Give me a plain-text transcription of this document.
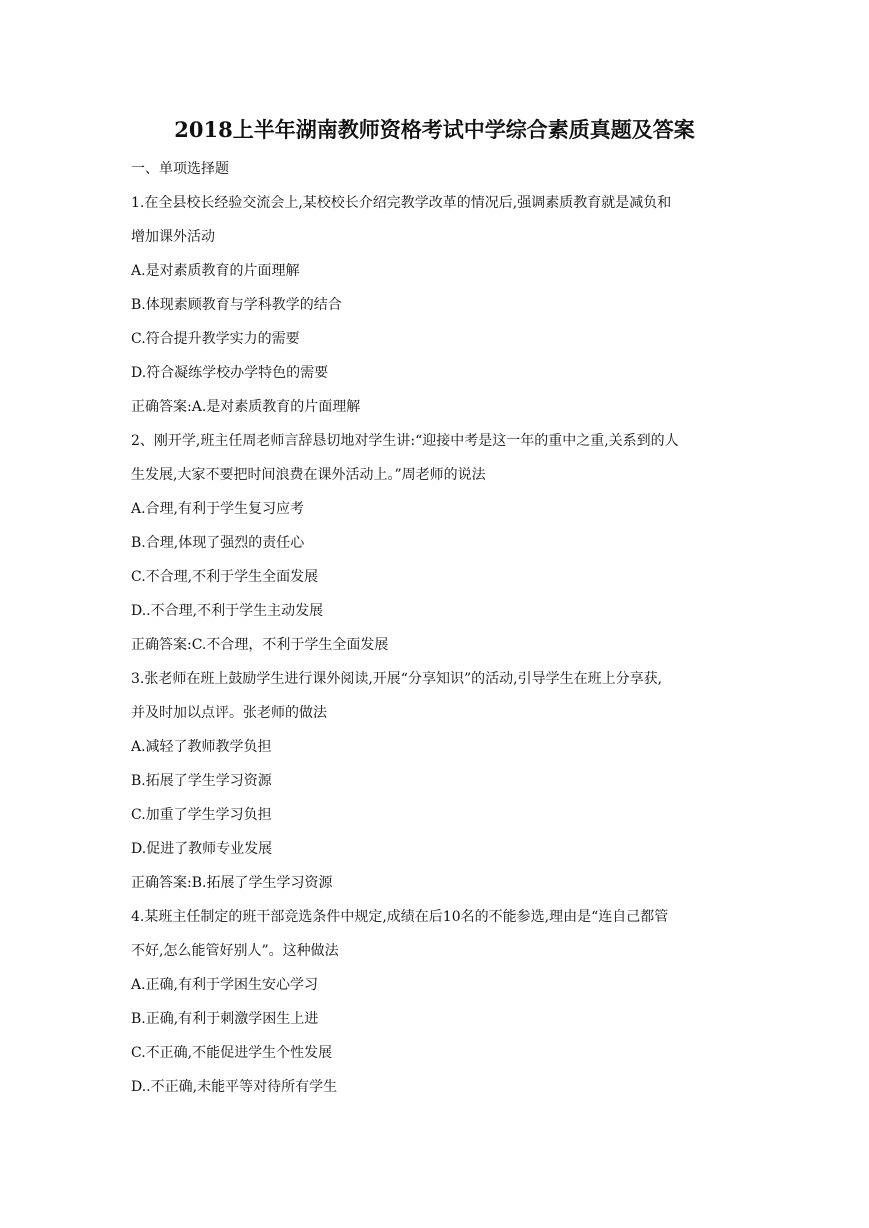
2018上半年湖南教师资格考试中学综合素质真题及答案
一、单项选择题
1.在全县校长经验交流会上,某校校长介绍完教学改革的情况后,强调素质教育就是减负和
增加课外活动
A.是对素质教育的片面理解
B.体现素顾教育与学科教学的结合
C.符合提升教学实力的需要
D.符合凝练学校办学特色的需要
正确答案:A.是对素质教育的片面理解
2、刚开学,班主任周老师言辞恳切地对学生讲:“迎接中考是这一年的重中之重,关系到的人
生发展,大家不要把时间浪费在课外活动上。”周老师的说法
A.合理,有利于学生复习应考
B.合理,体现了强烈的责任心
C.不合理,不利于学生全面发展
D..不合理,不利于学生主动发展
正确答案:C.不合理，不利于学生全面发展
3.张老师在班上鼓励学生进行课外阅读,开展“分享知识”的活动,引导学生在班上分享获,
并及时加以点评。张老师的做法
A.减轻了教师教学负担
B.拓展了学生学习资源
C.加重了学生学习负担
D.促进了教师专业发展
正确答案:B.拓展了学生学习资源
4.某班主任制定的班干部竞选条件中规定,成绩在后10名的不能参选,理由是“连自己都管
不好,怎么能管好别人”。这种做法
A.正确,有利于学困生安心学习
B.正确,有利于刺激学困生上进
C.不正确,不能促进学生个性发展
D..不正确,未能平等对待所有学生
